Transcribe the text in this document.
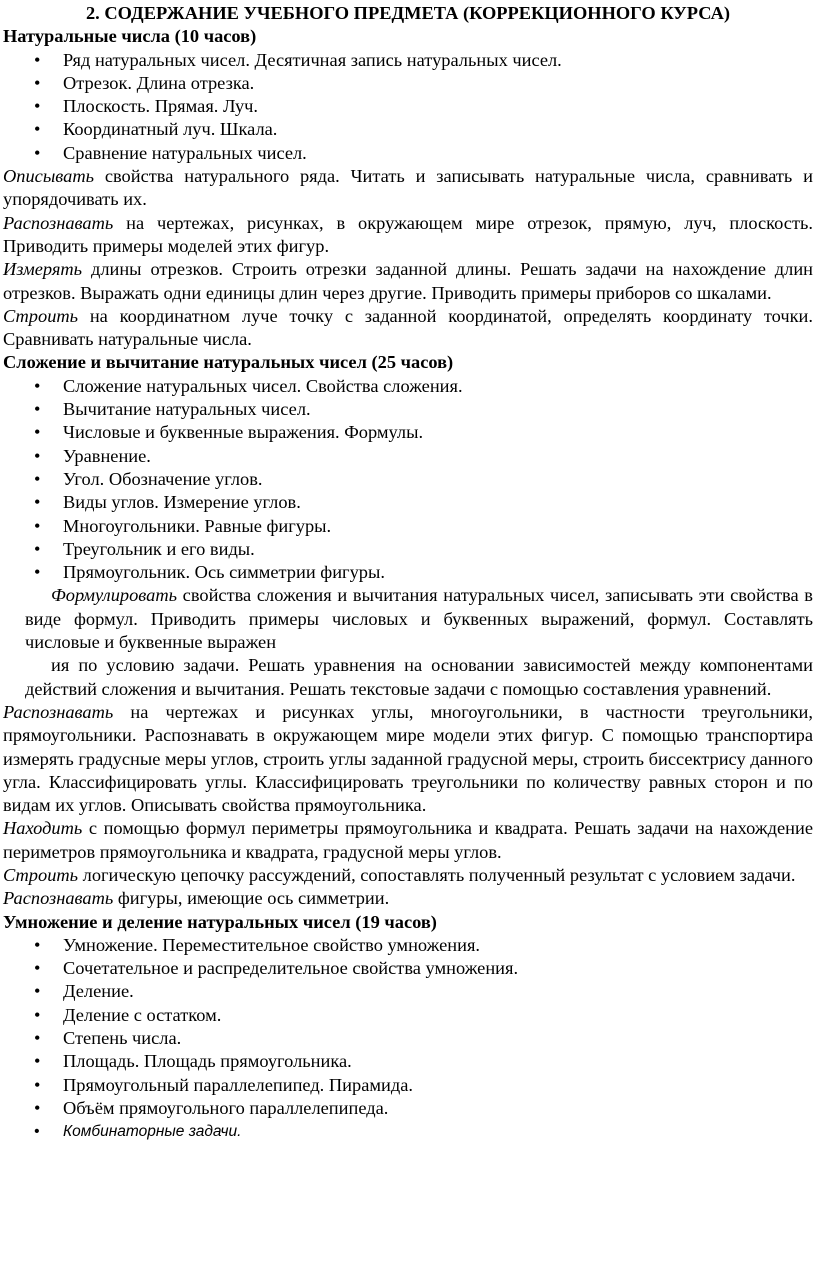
2. СОДЕРЖАНИЕ УЧЕБНОГО ПРЕДМЕТА (КОРРЕКЦИОННОГО КУРСА)

Натуральные числа (10 часов)

• Ряд натуральных чисел. Десятичная запись натуральных чисел.
• Отрезок. Длина отрезка.
• Плоскость. Прямая. Луч.
• Координатный луч. Шкала.
• Сравнение натуральных чисел.

Описывать свойства натурального ряда. Читать и записывать натуральные числа, сравнивать и упорядочивать их.

Распознавать на чертежах, рисунках, в окружающем мире отрезок, прямую, луч, плоскость. Приводить примеры моделей этих фигур.

Измерять длины отрезков. Строить отрезки заданной длины. Решать задачи на нахождение длин отрезков. Выражать одни единицы длин через другие. Приводить примеры приборов со шкалами.

Строить на координатном луче точку с заданной координатой, определять координату точки. Сравнивать натуральные числа.

Сложение и вычитание натуральных чисел (25 часов)

• Сложение натуральных чисел. Свойства сложения.
• Вычитание натуральных чисел.
• Числовые и буквенные выражения. Формулы.
• Уравнение.
• Угол. Обозначение углов.
• Виды углов. Измерение углов.
• Многоугольники. Равные фигуры.
• Треугольник и его виды.
• Прямоугольник. Ось симметрии фигуры.

Формулировать свойства сложения и вычитания натуральных чисел, записывать эти свойства в виде формул. Приводить примеры числовых и буквенных выражений, формул. Составлять числовые и буквенные выражен

ия по условию задачи. Решать уравнения на основании зависимостей между компонентами действий сложения и вычитания. Решать текстовые задачи с помощью составления уравнений.

Распознавать на чертежах и рисунках углы, многоугольники, в частности треугольники, прямоугольники. Распознавать в окружающем мире модели этих фигур. С помощью транспортира измерять градусные меры углов, строить углы заданной градусной меры, строить биссектрису данного угла. Классифицировать углы. Классифицировать треугольники по количеству равных сторон и по видам их углов. Описывать свойства прямоугольника.

Находить с помощью формул периметры прямоугольника и квадрата. Решать задачи на нахождение периметров прямоугольника и квадрата, градусной меры углов.

Строить логическую цепочку рассуждений, сопоставлять полученный результат с условием задачи.

Распознавать фигуры, имеющие ось симметрии.

Умножение и деление натуральных чисел (19 часов)

• Умножение. Переместительное свойство умножения.
• Сочетательное и распределительное свойства умножения.
• Деление.
• Деление с остатком.
• Степень числа.
• Площадь. Площадь прямоугольника.
• Прямоугольный параллелепипед. Пирамида.
• Объём прямоугольного параллелепипеда.
• Комбинаторные задачи.
